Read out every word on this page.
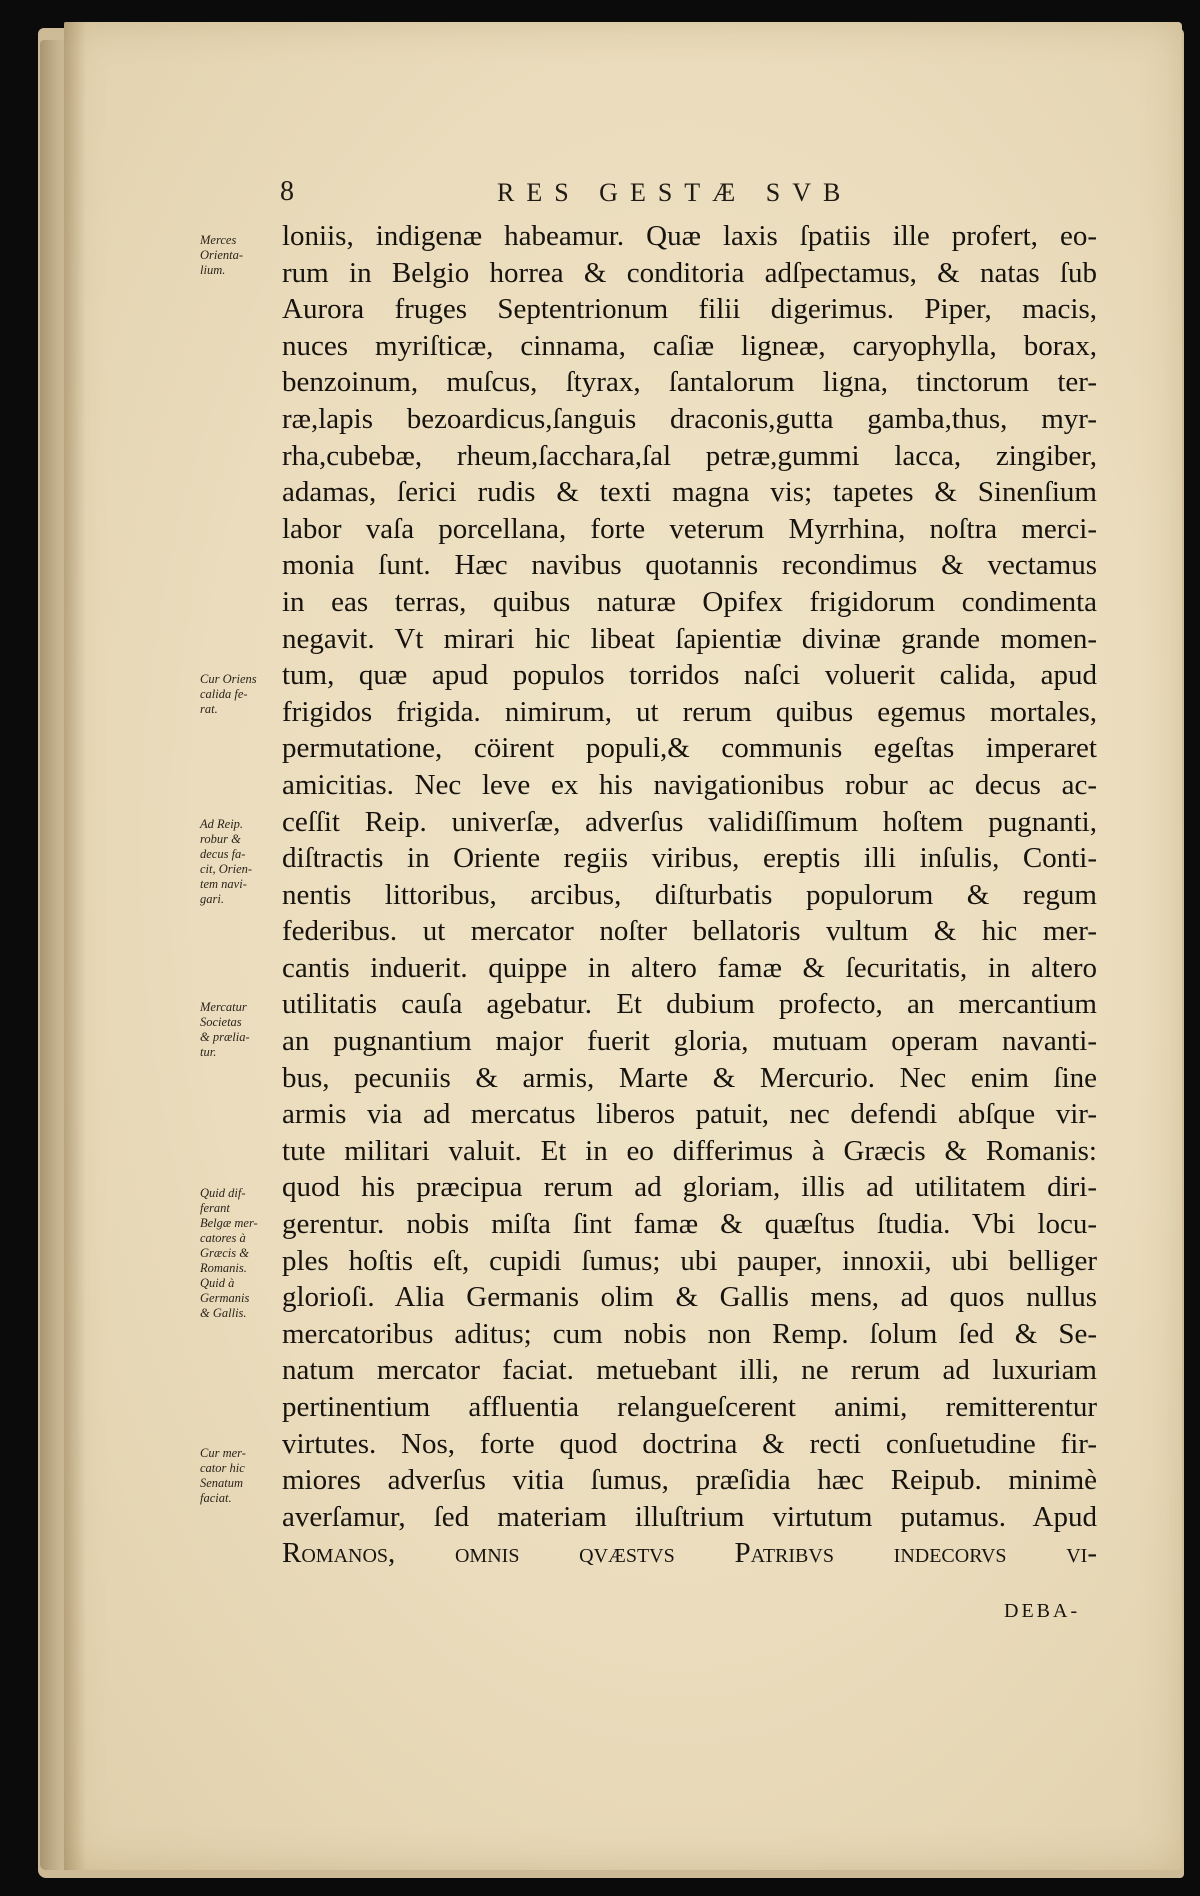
8	RES GESTÆ SVB
Merces
Orienta-
lium.
Cur Oriens
calida fe-
rat.
Ad Reip.
robur &
decus fa-
cit, Orien-
tem navi-
gari.
Mercatur
Societas
& prælia-
tur.
Quid dif-
ferant
Belgæ mer-
catores à
Græcis &
Romanis.
Quid à
Germanis
& Gallis.
Cur mer-
cator hic
Senatum
faciat.
loniis, indigenæ habeamur. Quæ laxis ſpatiis ille profert, eo-
rum in Belgio horrea & conditoria adſpectamus, & natas ſub
Aurora fruges Septentrionum filii digerimus. Piper, macis,
nuces myriſticæ, cinnama, caſiæ ligneæ, caryophylla, borax,
benzoinum, muſcus, ſtyrax, ſantalorum ligna, tinctorum ter-
ræ,lapis bezoardicus,ſanguis draconis,gutta gamba,thus, myr-
rha,cubebæ, rheum,ſacchara,ſal petræ,gummi lacca, zingiber,
adamas, ſerici rudis & texti magna vis; tapetes & Sinenſium
labor vaſa porcellana, forte veterum Myrrhina, noſtra merci-
monia ſunt. Hæc navibus quotannis recondimus & vectamus
in eas terras, quibus naturæ Opifex frigidorum condimenta
negavit. Vt mirari hic libeat ſapientiæ divinæ grande momen-
tum, quæ apud populos torridos naſci voluerit calida, apud
frigidos frigida. nimirum, ut rerum quibus egemus mortales,
permutatione, cöirent populi,& communis egeſtas imperaret
amicitias. Nec leve ex his navigationibus robur ac decus ac-
ceſſit Reip. univerſæ, adverſus validiſſimum hoſtem pugnanti,
diſtractis in Oriente regiis viribus, ereptis illi inſulis, Conti-
nentis littoribus, arcibus, diſturbatis populorum & regum
federibus. ut mercator noſter bellatoris vultum & hic mer-
cantis induerit. quippe in altero famæ & ſecuritatis, in altero
utilitatis cauſa agebatur. Et dubium profecto, an mercantium
an pugnantium major fuerit gloria, mutuam operam navanti-
bus, pecuniis & armis, Marte & Mercurio. Nec enim ſine
armis via ad mercatus liberos patuit, nec defendi abſque vir-
tute militari valuit. Et in eo differimus à Græcis & Romanis:
quod his præcipua rerum ad gloriam, illis ad utilitatem diri-
gerentur. nobis miſta ſint famæ & quæſtus ſtudia. Vbi locu-
ples hoſtis eſt, cupidi ſumus; ubi pauper, innoxii, ubi belliger
glorioſi. Alia Germanis olim & Gallis mens, ad quos nullus
mercatoribus aditus; cum nobis non Remp. ſolum ſed & Se-
natum mercator faciat. metuebant illi, ne rerum ad luxuriam
pertinentium affluentia relangueſcerent animi, remitterentur
virtutes. Nos, forte quod doctrina & recti conſuetudine fir-
miores adverſus vitia ſumus, præſidia hæc Reipub. minimè
averſamur, ſed materiam illuſtrium virtutum putamus. Apud
Romanos, omnis qvæstvs Patribvs indecorvs vi-
DEBA-
